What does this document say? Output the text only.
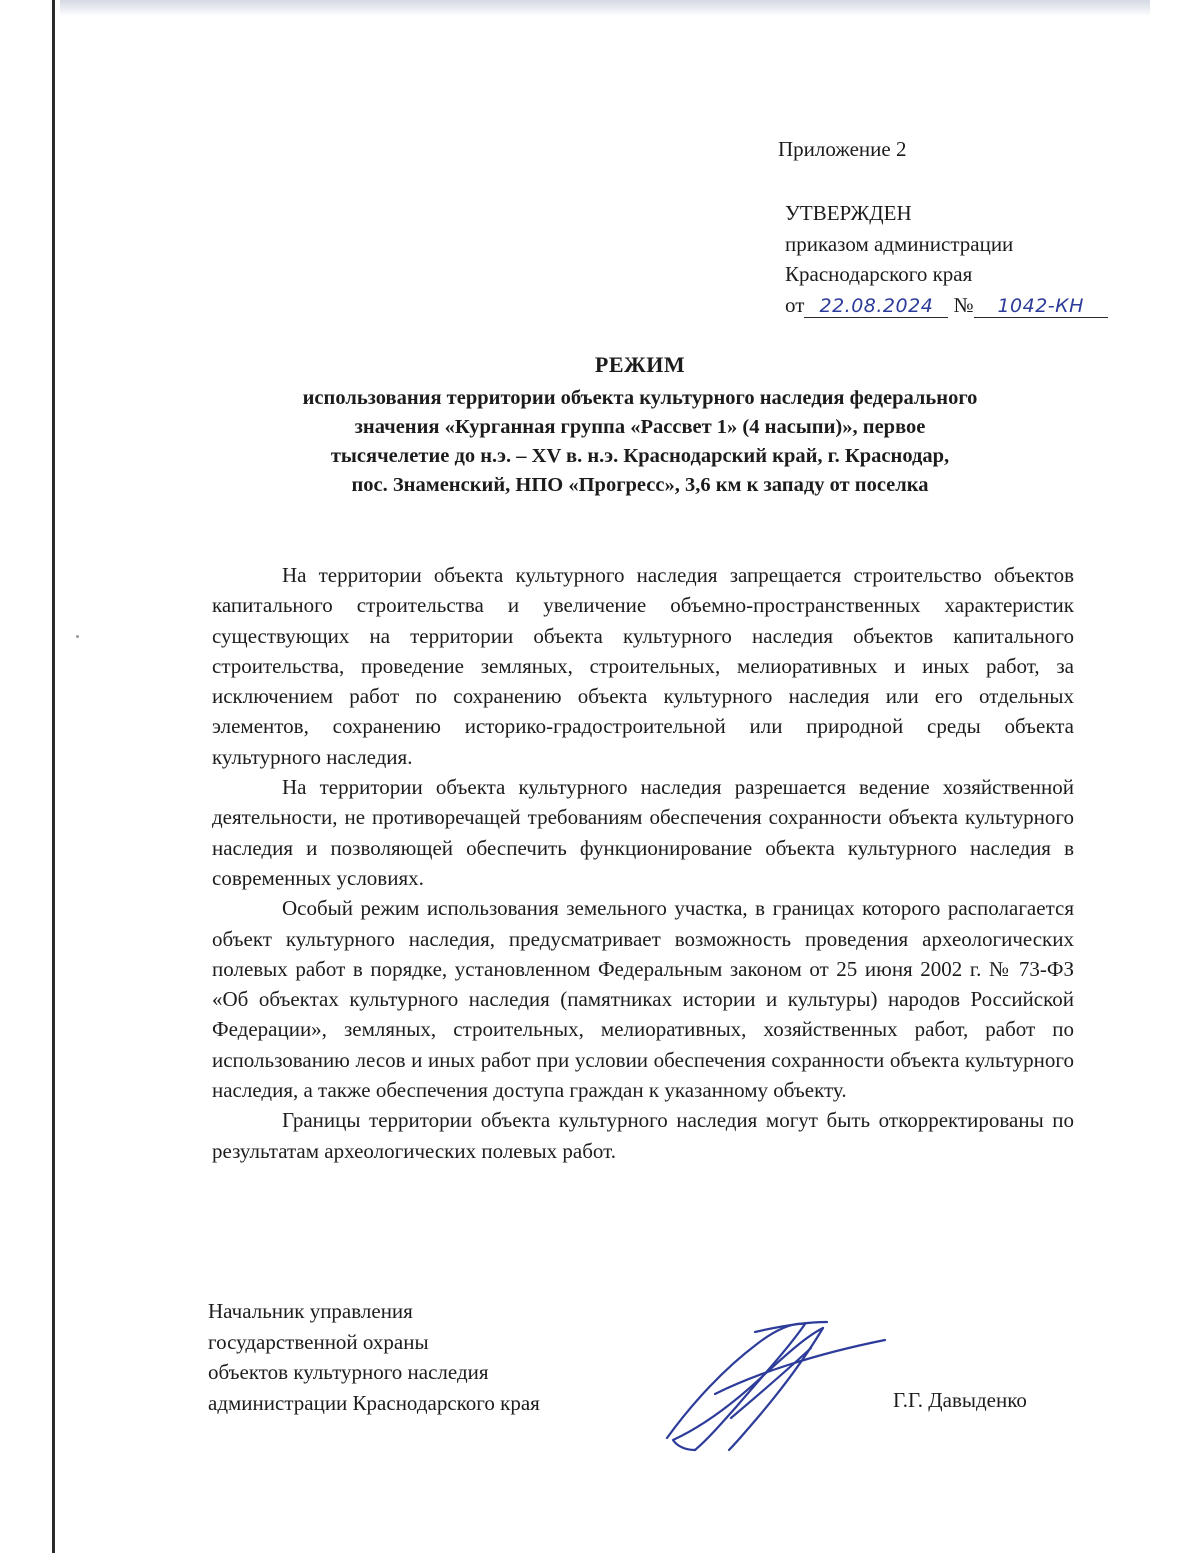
Приложение 2
УТВЕРЖДЕН
приказом администрации
Краснодарского края
от 22.08.2024 № 1042-КН
РЕЖИМ
использования территории объекта культурного наследия федерального
значения «Курганная группа «Рассвет 1» (4 насыпи)», первое
тысячелетие до н.э. – XV в. н.э. Краснодарский край, г. Краснодар,
пос. Знаменский, НПО «Прогресс», 3,6 км к западу от поселка

На территории объекта культурного наследия запрещается строительство объектов капитального строительства и увеличение объемно-пространственных характеристик существующих на территории объекта культурного наследия объектов капитального строительства, проведение земляных, строительных, мелиоративных и иных работ, за исключением работ по сохранению объекта культурного наследия или его отдельных элементов, сохранению историко-градостроительной или природной среды объекта культурного наследия.

На территории объекта культурного наследия разрешается ведение хозяйственной деятельности, не противоречащей требованиям обеспечения сохранности объекта культурного наследия и позволяющей обеспечить функционирование объекта культурного наследия в современных условиях.

Особый режим использования земельного участка, в границах которого располагается объект культурного наследия, предусматривает возможность проведения археологических полевых работ в порядке, установленном Федеральным законом от 25 июня 2002 г. № 73-ФЗ «Об объектах культурного наследия (памятниках истории и культуры) народов Российской Федерации», земляных, строительных, мелиоративных, хозяйственных работ, работ по использованию лесов и иных работ при условии обеспечения сохранности объекта культурного наследия, а также обеспечения доступа граждан к указанному объекту.

Границы территории объекта культурного наследия могут быть откорректированы по результатам археологических полевых работ.

Начальник управления
государственной охраны
объектов культурного наследия
администрации Краснодарского края	Г.Г. Давыденко
